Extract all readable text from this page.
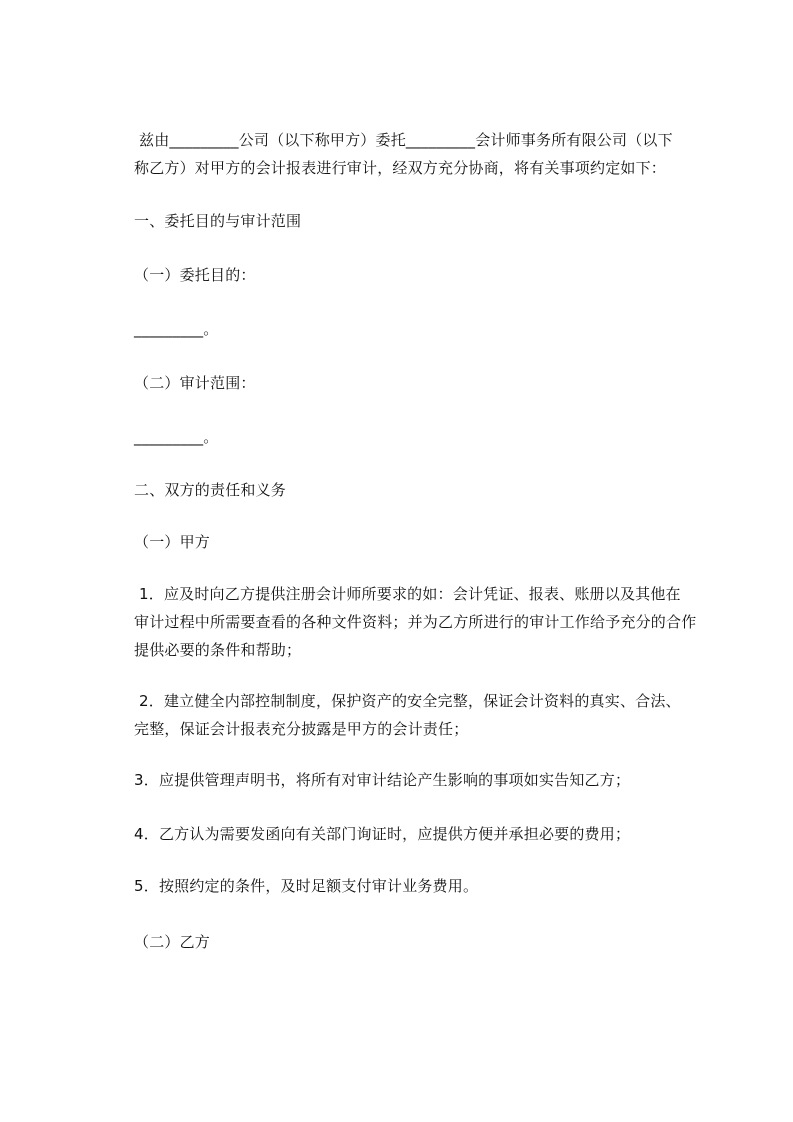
兹由_________公司（以下称甲方）委托_________会计师事务所有限公司（以下
称乙方）对甲方的会计报表进行审计，经双方充分协商，将有关事项约定如下：
一、委托目的与审计范围
（一）委托目的：
_________。
（二）审计范围：
_________。
二、双方的责任和义务
（一）甲方
1．应及时向乙方提供注册会计师所要求的如：会计凭证、报表、账册以及其他在
审计过程中所需要查看的各种文件资料；并为乙方所进行的审计工作给予充分的合作
提供必要的条件和帮助；
2．建立健全内部控制制度，保护资产的安全完整，保证会计资料的真实、合法、
完整，保证会计报表充分披露是甲方的会计责任；
3．应提供管理声明书，将所有对审计结论产生影响的事项如实告知乙方；
4．乙方认为需要发函向有关部门询证时，应提供方便并承担必要的费用；
5．按照约定的条件，及时足额支付审计业务费用。
（二）乙方
